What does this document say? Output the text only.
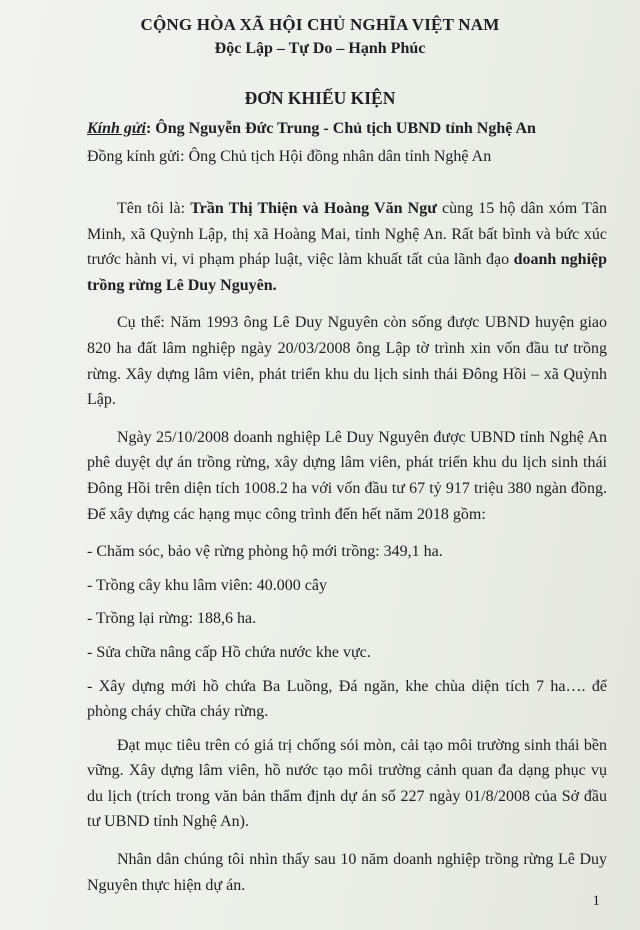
CỘNG HÒA XÃ HỘI CHỦ NGHĨA VIỆT NAM
Độc Lập – Tự Do – Hạnh Phúc
ĐƠN KHIẾU KIỆN
Kính gửi: Ông Nguyễn Đức Trung - Chủ tịch UBND tỉnh Nghệ An
Đồng kính gửi: Ông Chủ tịch Hội đồng nhân dân tỉnh Nghệ An

Tên tôi là: Trần Thị Thiện và Hoàng Văn Ngư cùng 15 hộ dân xóm Tân Minh, xã Quỳnh Lập, thị xã Hoàng Mai, tỉnh Nghệ An. Rất bất bình và bức xúc trước hành vi, vi phạm pháp luật, việc làm khuất tất của lãnh đạo doanh nghiệp trồng rừng Lê Duy Nguyên.

Cụ thể: Năm 1993 ông Lê Duy Nguyên còn sống được UBND huyện giao 820 ha đất lâm nghiệp ngày 20/03/2008 ông Lập tờ trình xin vốn đầu tư trồng rừng. Xây dựng lâm viên, phát triển khu du lịch sinh thái Đông Hồi – xã Quỳnh Lập.

Ngày 25/10/2008 doanh nghiệp Lê Duy Nguyên được UBND tỉnh Nghệ An phê duyệt dự án trồng rừng, xây dựng lâm viên, phát triển khu du lịch sinh thái Đông Hồi trên diện tích 1008.2 ha với vốn đầu tư 67 tỷ 917 triệu 380 ngàn đồng. Để xây dựng các hạng mục công trình đến hết năm 2018 gồm:

- Chăm sóc, bảo vệ rừng phòng hộ mới trồng: 349,1 ha.

- Trồng cây khu lâm viên: 40.000 cây

- Trồng lại rừng: 188,6 ha.

- Sửa chữa nâng cấp Hồ chứa nước khe vực.

- Xây dựng mới hồ chứa Ba Luồng, Đá ngăn, khe chùa diện tích 7 ha…. để phòng cháy chữa cháy rừng.

Đạt mục tiêu trên có giá trị chống sói mòn, cải tạo môi trường sinh thái bền vững. Xây dựng lâm viên, hồ nước tạo môi trường cảnh quan đa dạng phục vụ du lịch (trích trong văn bản thẩm định dự án số 227 ngày 01/8/2008 của Sở đầu tư UBND tỉnh Nghệ An).

Nhân dân chúng tôi nhìn thấy sau 10 năm doanh nghiệp trồng rừng Lê Duy Nguyên thực hiện dự án.

1
